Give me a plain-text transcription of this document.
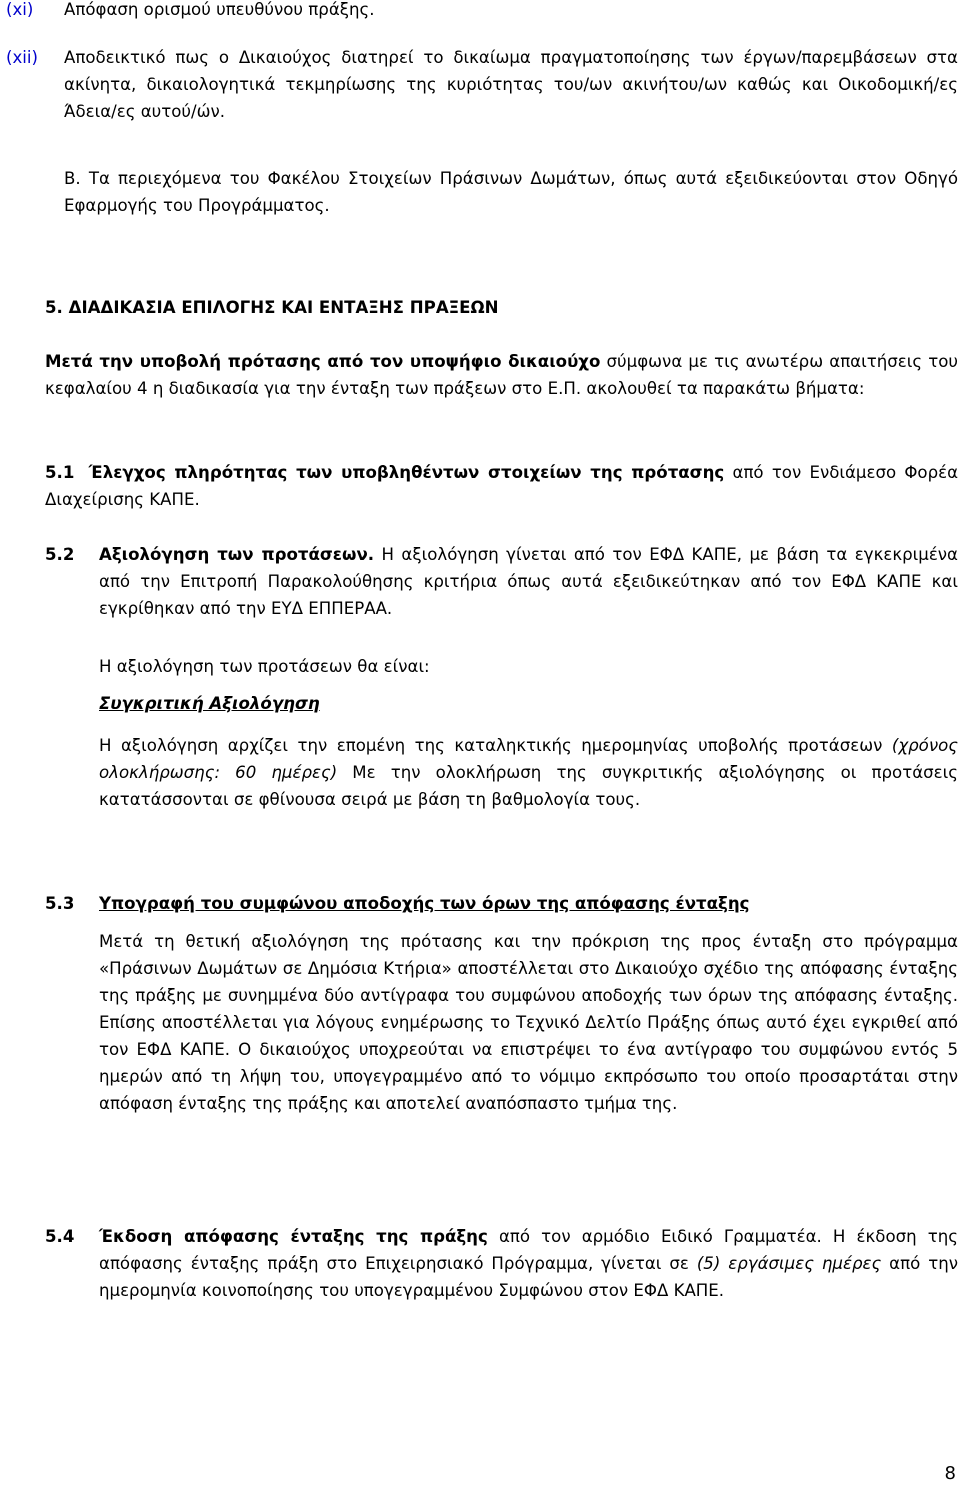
(xi) Απόφαση ορισμού υπευθύνου πράξης.
(xii) Αποδεικτικό πως ο Δικαιούχος διατηρεί το δικαίωμα πραγματοποίησης των έργων/παρεμβάσεων στα ακίνητα, δικαιολογητικά τεκμηρίωσης της κυριότητας του/ων ακινήτου/ων καθώς και Οικοδομική/ες Άδεια/ες αυτού/ών.
Β. Τα περιεχόμενα του Φακέλου Στοιχείων Πράσινων Δωμάτων, όπως αυτά εξειδικεύονται στον Οδηγό Εφαρμογής του Προγράμματος.
5. ΔΙΑΔΙΚΑΣΙΑ ΕΠΙΛΟΓΗΣ ΚΑΙ ΕΝΤΑΞΗΣ ΠΡΑΞΕΩΝ
Μετά την υποβολή πρότασης από τον υποψήφιο δικαιούχο σύμφωνα με τις ανωτέρω απαιτήσεις του κεφαλαίου 4 η διαδικασία για την ένταξη των πράξεων στο Ε.Π. ακολουθεί τα παρακάτω βήματα:
5.1 Έλεγχος πληρότητας των υποβληθέντων στοιχείων της πρότασης από τον Ενδιάμεσο Φορέα Διαχείρισης ΚΑΠΕ.
5.2 Αξιολόγηση των προτάσεων. Η αξιολόγηση γίνεται από τον ΕΦΔ ΚΑΠΕ, με βάση τα εγκεκριμένα από την Επιτροπή Παρακολούθησης κριτήρια όπως αυτά εξειδικεύτηκαν από τον ΕΦΔ ΚΑΠΕ και εγκρίθηκαν από την ΕΥΔ ΕΠΠΕΡΑΑ.
Η αξιολόγηση των προτάσεων θα είναι:
Συγκριτική Αξιολόγηση
Η αξιολόγηση αρχίζει την επομένη της καταληκτικής ημερομηνίας υποβολής προτάσεων (χρόνος ολοκλήρωσης: 60 ημέρες) Με την ολοκλήρωση της συγκριτικής αξιολόγησης οι προτάσεις κατατάσσονται σε φθίνουσα σειρά με βάση τη βαθμολογία τους.
5.3 Υπογραφή του συμφώνου αποδοχής των όρων της απόφασης ένταξης
Μετά τη θετική αξιολόγηση της πρότασης και την πρόκριση της προς ένταξη στο πρόγραμμα «Πράσινων Δωμάτων σε Δημόσια Κτήρια» αποστέλλεται στο Δικαιούχο σχέδιο της απόφασης ένταξης της πράξης με συνημμένα δύο αντίγραφα του συμφώνου αποδοχής των όρων της απόφασης ένταξης. Επίσης αποστέλλεται για λόγους ενημέρωσης το Τεχνικό Δελτίο Πράξης όπως αυτό έχει εγκριθεί από τον ΕΦΔ ΚΑΠΕ. Ο δικαιούχος υποχρεούται να επιστρέψει το ένα αντίγραφο του συμφώνου εντός 5 ημερών από τη λήψη του, υπογεγραμμένο από το νόμιμο εκπρόσωπο του οποίο προσαρτάται στην απόφαση ένταξης της πράξης και αποτελεί αναπόσπαστο τμήμα της.
5.4 Έκδοση απόφασης ένταξης της πράξης από τον αρμόδιο Ειδικό Γραμματέα. Η έκδοση της απόφασης ένταξης πράξη στο Επιχειρησιακό Πρόγραμμα, γίνεται σε (5) εργάσιμες ημέρες από την ημερομηνία κοινοποίησης του υπογεγραμμένου Συμφώνου στον ΕΦΔ ΚΑΠΕ.
8
